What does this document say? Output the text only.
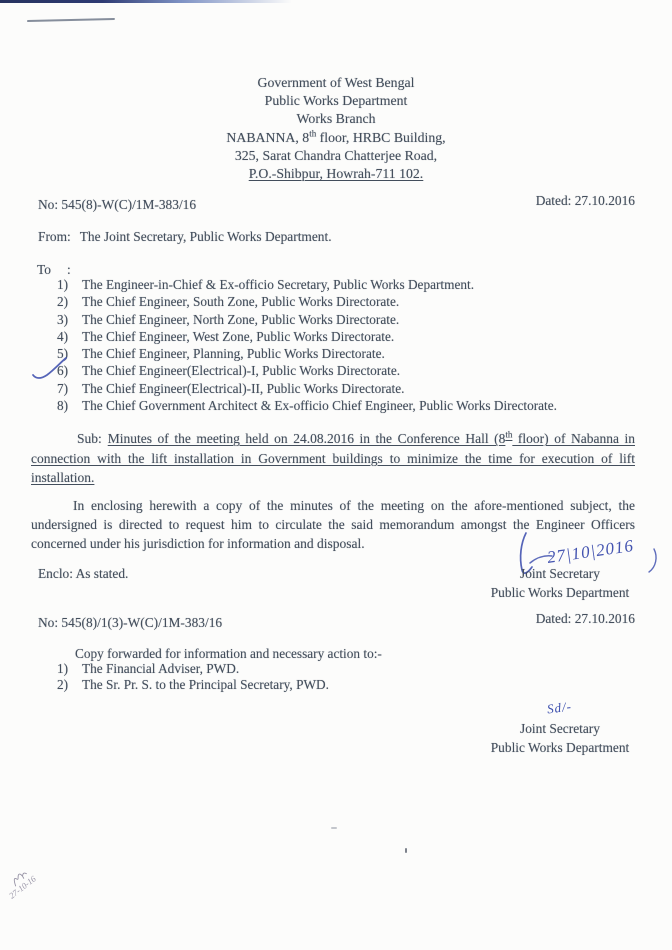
Government of West Bengal
Public Works Department
Works Branch
NABANNA, 8th floor, HRBC Building,
325, Sarat Chandra Chatterjee Road,
P.O.-Shibpur, Howrah-711 102.
No: 545(8)-W(C)/1M-383/16	Dated: 27.10.2016
From: The Joint Secretary, Public Works Department.
To :
1)	The Engineer-in-Chief & Ex-officio Secretary, Public Works Department.
2)	The Chief Engineer, South Zone, Public Works Directorate.
3)	The Chief Engineer, North Zone, Public Works Directorate.
4)	The Chief Engineer, West Zone, Public Works Directorate.
5)	The Chief Engineer, Planning, Public Works Directorate.
6)	The Chief Engineer(Electrical)-I, Public Works Directorate.
7)	The Chief Engineer(Electrical)-II, Public Works Directorate.
8)	The Chief Government Architect & Ex-officio Chief Engineer, Public Works Directorate.
Sub: Minutes of the meeting held on 24.08.2016 in the Conference Hall (8th floor) of Nabanna in
connection with the lift installation in Government buildings to minimize the time for execution of lift
installation.
In enclosing herewith a copy of the minutes of the meeting on the afore-mentioned subject, the
undersigned is directed to request him to circulate the said memorandum amongst the Engineer Officers
concerned under his jurisdiction for information and disposal.
Enclo: As stated.
27|10|2016
Joint Secretary
Public Works Department
No: 545(8)/1(3)-W(C)/1M-383/16	Dated: 27.10.2016
Copy forwarded for information and necessary action to:-
1)	The Financial Adviser, PWD.
2)	The Sr. Pr. S. to the Principal Secretary, PWD.
Sd/-
Joint Secretary
Public Works Department
27-10-16
